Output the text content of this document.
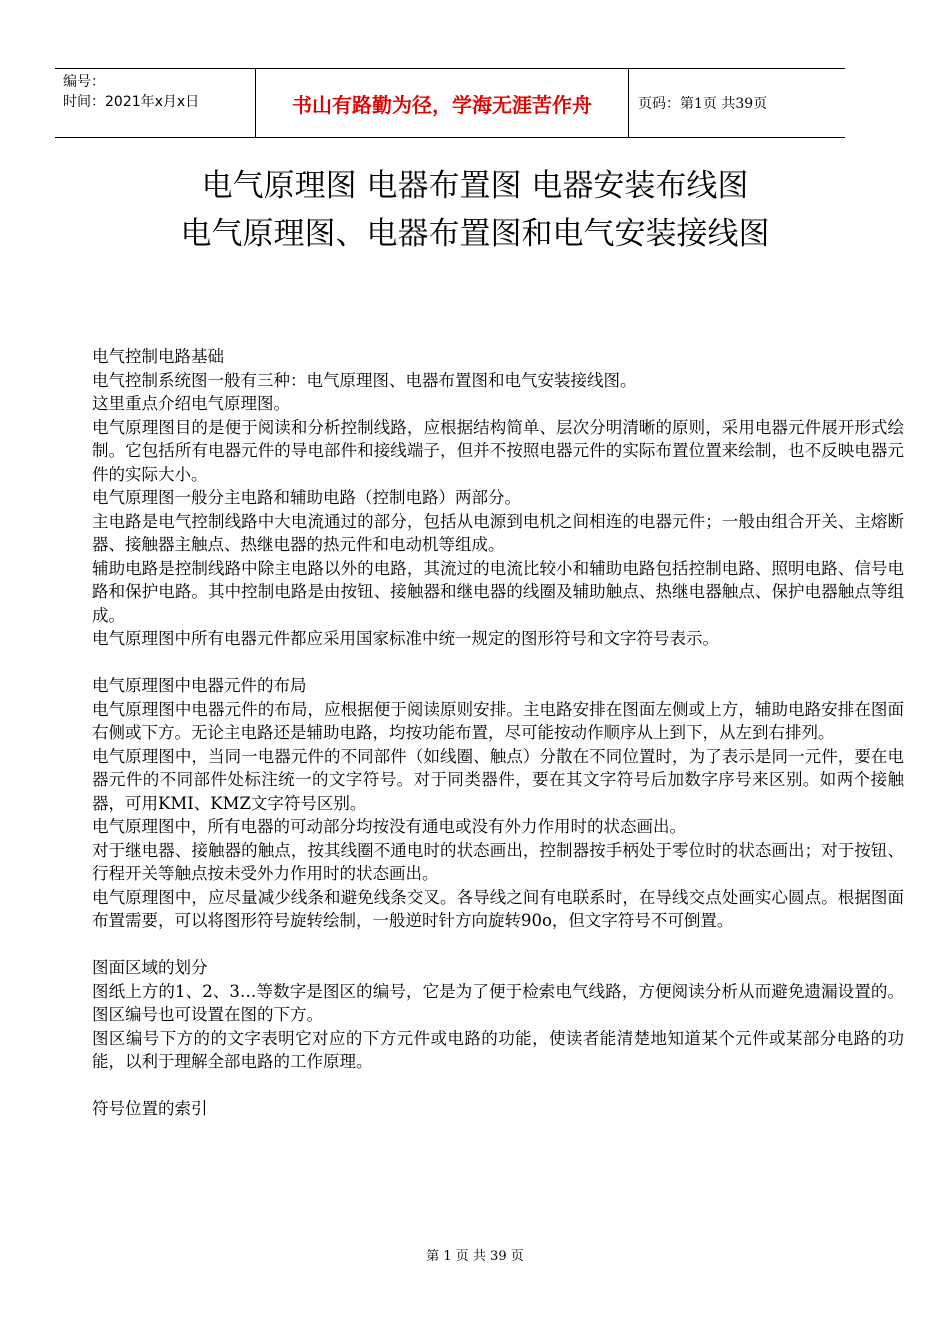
编号：
时间：2021年x月x日	书山有路勤为径，学海无涯苦作舟	页码：第1页 共39页
电气原理图 电器布置图 电器安装布线图
电气原理图、电器布置图和电气安装接线图

电气控制电路基础

电气控制系统图一般有三种：电气原理图、电器布置图和电气安装接线图。

这里重点介绍电气原理图。

电气原理图目的是便于阅读和分析控制线路，应根据结构简单、层次分明清晰的原则，采用电器元件展开形式绘制。它包括所有电器元件的导电部件和接线端子，但并不按照电器元件的实际布置位置来绘制，也不反映电器元件的实际大小。

电气原理图一般分主电路和辅助电路（控制电路）两部分。

主电路是电气控制线路中大电流通过的部分，包括从电源到电机之间相连的电器元件；一般由组合开关、主熔断器、接触器主触点、热继电器的热元件和电动机等组成。

辅助电路是控制线路中除主电路以外的电路，其流过的电流比较小和辅助电路包括控制电路、照明电路、信号电路和保护电路。其中控制电路是由按钮、接触器和继电器的线圈及辅助触点、热继电器触点、保护电器触点等组成。

电气原理图中所有电器元件都应采用国家标准中统一规定的图形符号和文字符号表示。

电气原理图中电器元件的布局

电气原理图中电器元件的布局，应根据便于阅读原则安排。主电路安排在图面左侧或上方，辅助电路安排在图面右侧或下方。无论主电路还是辅助电路，均按功能布置，尽可能按动作顺序从上到下，从左到右排列。

电气原理图中，当同一电器元件的不同部件（如线圈、触点）分散在不同位置时，为了表示是同一元件，要在电器元件的不同部件处标注统一的文字符号。对于同类器件，要在其文字符号后加数字序号来区别。如两个接触器，可用KMI、KMZ文字符号区别。

电气原理图中，所有电器的可动部分均按没有通电或没有外力作用时的状态画出。

对于继电器、接触器的触点，按其线圈不通电时的状态画出，控制器按手柄处于零位时的状态画出；对于按钮、行程开关等触点按未受外力作用时的状态画出。

电气原理图中，应尽量减少线条和避免线条交叉。各导线之间有电联系时，在导线交点处画实心圆点。根据图面布置需要，可以将图形符号旋转绘制，一般逆时针方向旋转90o，但文字符号不可倒置。

图面区域的划分

图纸上方的1、2、3…等数字是图区的编号，它是为了便于检索电气线路，方便阅读分析从而避免遗漏设置的。图区编号也可设置在图的下方。

图区编号下方的的文字表明它对应的下方元件或电路的功能，使读者能清楚地知道某个元件或某部分电路的功能，以利于理解全部电路的工作原理。

符号位置的索引

第 1 页 共 39 页
